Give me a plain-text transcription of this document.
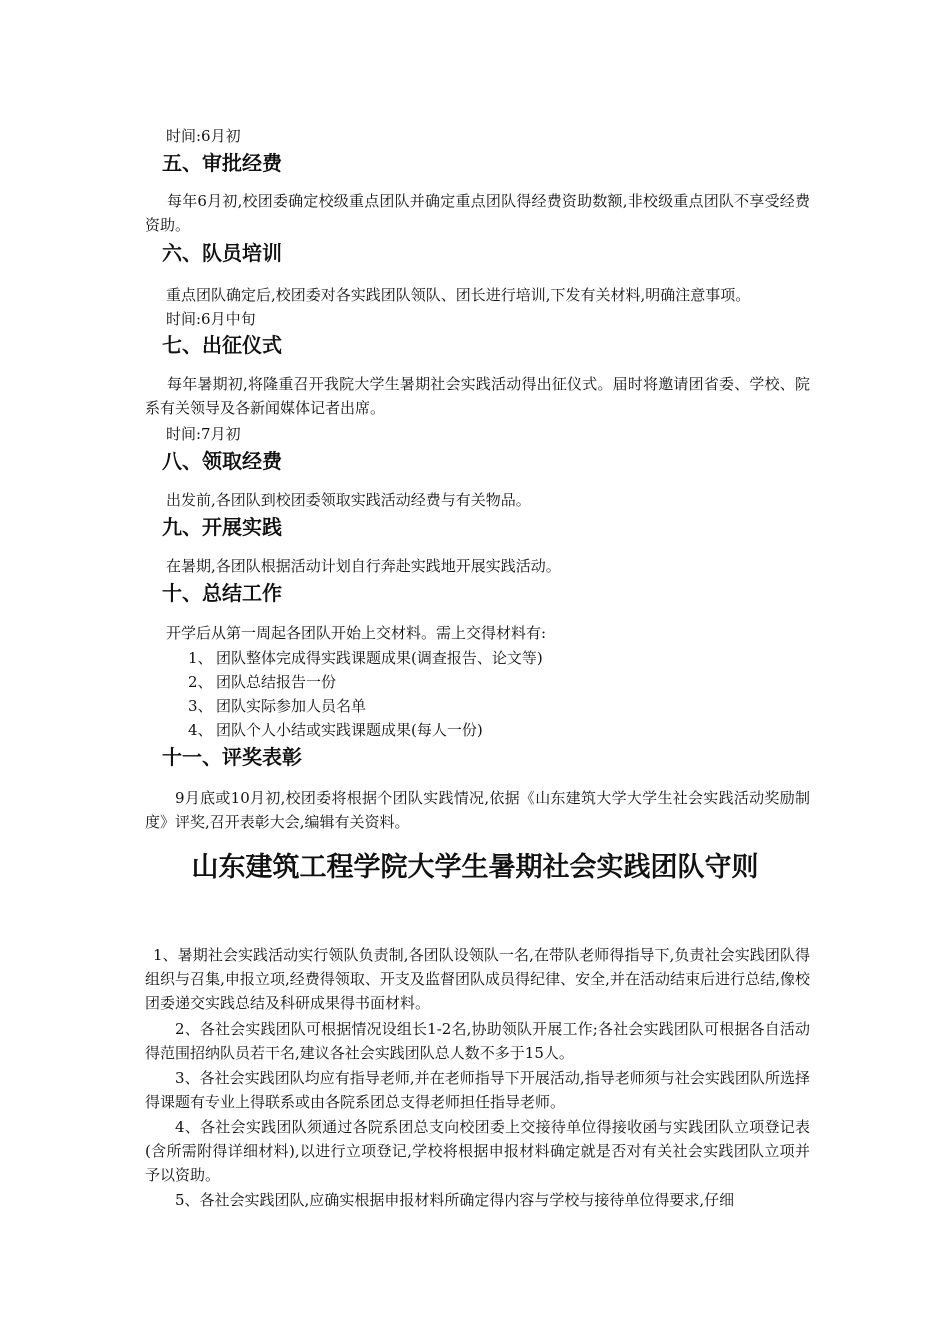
时间:6月初
五、审批经费
每年6月初,校团委确定校级重点团队并确定重点团队得经费资助数额,非校级重点团队不享受经费资助。
六、队员培训
重点团队确定后,校团委对各实践团队领队、团长进行培训,下发有关材料,明确注意事项。
时间:6月中旬
七、出征仪式
每年暑期初,将隆重召开我院大学生暑期社会实践活动得出征仪式。届时将邀请团省委、学校、院系有关领导及各新闻媒体记者出席。
时间:7月初
八、领取经费
出发前,各团队到校团委领取实践活动经费与有关物品。
九、开展实践
在暑期,各团队根据活动计划自行奔赴实践地开展实践活动。
十、总结工作
开学后从第一周起各团队开始上交材料。需上交得材料有:
1、 团队整体完成得实践课题成果(调查报告、论文等)
2、 团队总结报告一份
3、 团队实际参加人员名单
4、 团队个人小结或实践课题成果(每人一份)
十一、评奖表彰
9月底或10月初,校团委将根据个团队实践情况,依据《山东建筑大学大学生社会实践活动奖励制度》评奖,召开表彰大会,编辑有关资料。
山东建筑工程学院大学生暑期社会实践团队守则
1、暑期社会实践活动实行领队负责制,各团队设领队一名,在带队老师得指导下,负责社会实践团队得组织与召集,申报立项,经费得领取、开支及监督团队成员得纪律、安全,并在活动结束后进行总结,像校团委递交实践总结及科研成果得书面材料。
2、各社会实践团队可根据情况设组长1-2名,协助领队开展工作;各社会实践团队可根据各自活动得范围招纳队员若干名,建议各社会实践团队总人数不多于15人。
3、各社会实践团队均应有指导老师,并在老师指导下开展活动,指导老师须与社会实践团队所选择得课题有专业上得联系或由各院系团总支得老师担任指导老师。
4、各社会实践团队须通过各院系团总支向校团委上交接待单位得接收函与实践团队立项登记表(含所需附得详细材料),以进行立项登记,学校将根据申报材料确定就是否对有关社会实践团队立项并予以资助。
5、各社会实践团队,应确实根据申报材料所确定得内容与学校与接待单位得要求,仔细
